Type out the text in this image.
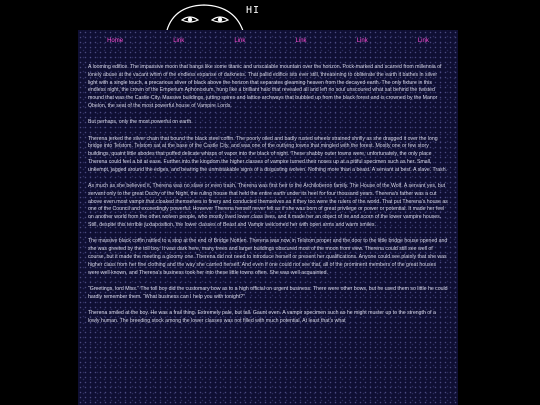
HI
Home	Link	Link	Link	Link	Link

A looming edifice. The impassive moon that hangs like some titanic and unscalable mountain over the horizon. Pock-marked and scarred from millennia of lonely abuse at the vacant whim of the endless expanse of darkness. That pallid edifice sits ever still, threatening to obliterate the earth it bathes in silver light with a single touch, a precarious sliver of black above the horizon that separates gleaming heaven from the decayed earth. The only fixture in this endless night, the crown of the Emperium Aphonoxium, hung like a brilliant halo that revealed all and left no soul unscoured what sat behind the twisted mound that was the Castle City. Massive buildings, jutting spires and lattice archways that bubbled up from the black forest and is crowned by the Manor Obelon, the seat of the most powerful house of Vampire Lords.

But perhaps, only the most powerful on earth.

Therena jerked the silver chain that bound the black steel coffin. The poorly oiled and badly rusted wheels strained shrilly as she dragged it over the long bridge into Telstom. Telstom sat at the base of the Castle City, and was one of the outlying towns that mingled with the forest. Mostly one or few story buildings, quaint little abodes that puffed delicate whisps of vapor into the black of night. These shabby outer towns were, unfortunately, the only place Therena could feel a bit at ease. Further into the kingdom the higher classes of vampire turned their noses up at a pitiful specimen such as her. Small, unkempt, jagged around the edges, and bearing the unmistakable signs of a disgusting wolven. Nothing more than a beast. A servant at best. A slave. Trash.

As much as she believed it, Therena was no slave or even trash. Therena was first heir to the Archiloberon family. The House of the Wolf. A servant yes, but servant only to the great Duchy of the Night, the ruling house that held the entire earth under its heel for four thousand years. Therena’s father was a cut above even most vampir that cloaked themselves in finery and conducted themselves as if they too were the rulers of the world. That put Therena’s house as one of the Council and exceedingly powerful. However Therena herself never felt as if she was born of great privilege or power or potential. It made her feel on another world from the other wolven people, who mostly lived lower class lives, and it made her an object of ire and scorn of the lower vampire houses. Still, despite this terrible juxtaposition, the lower classes of Beast and Vampir welcomed her with open arms and warm smiles.

The massive black coffin rattled to a stop at the end of Bridge Nottlen. Therena was now in Telstom proper and the door to the little bridge house opened and she was greeted by the toll boy. It was dark here, many trees and larger buildings obscured most of the moon from view. Therena could still see well of course, but it made the meeting a gloomy one. Therena did not need to introduce herself or present her qualifications. Anyone could see plainly that she was higher class from her fine clothing and the way she carried herself. And even if one could not see that, all of the prominent members of the great houses were well known, and Therena’s business took her into these little towns often. She was well acquainted.

“Greetings, lord Miss.” The toll boy did the customary bow as to a high official on urgent business. There were other bows, but he used them so little he could hardly remember them. “What business can I help you with tonight?”

Therena smiled at the boy. He was a frail thing. Extremely pale, but tall. Gaunt even. A vampir specimen such as he might muster up to the strength of a lowly human. The breeding stock among the lower classes was not filled with much potential. At least that’s what
